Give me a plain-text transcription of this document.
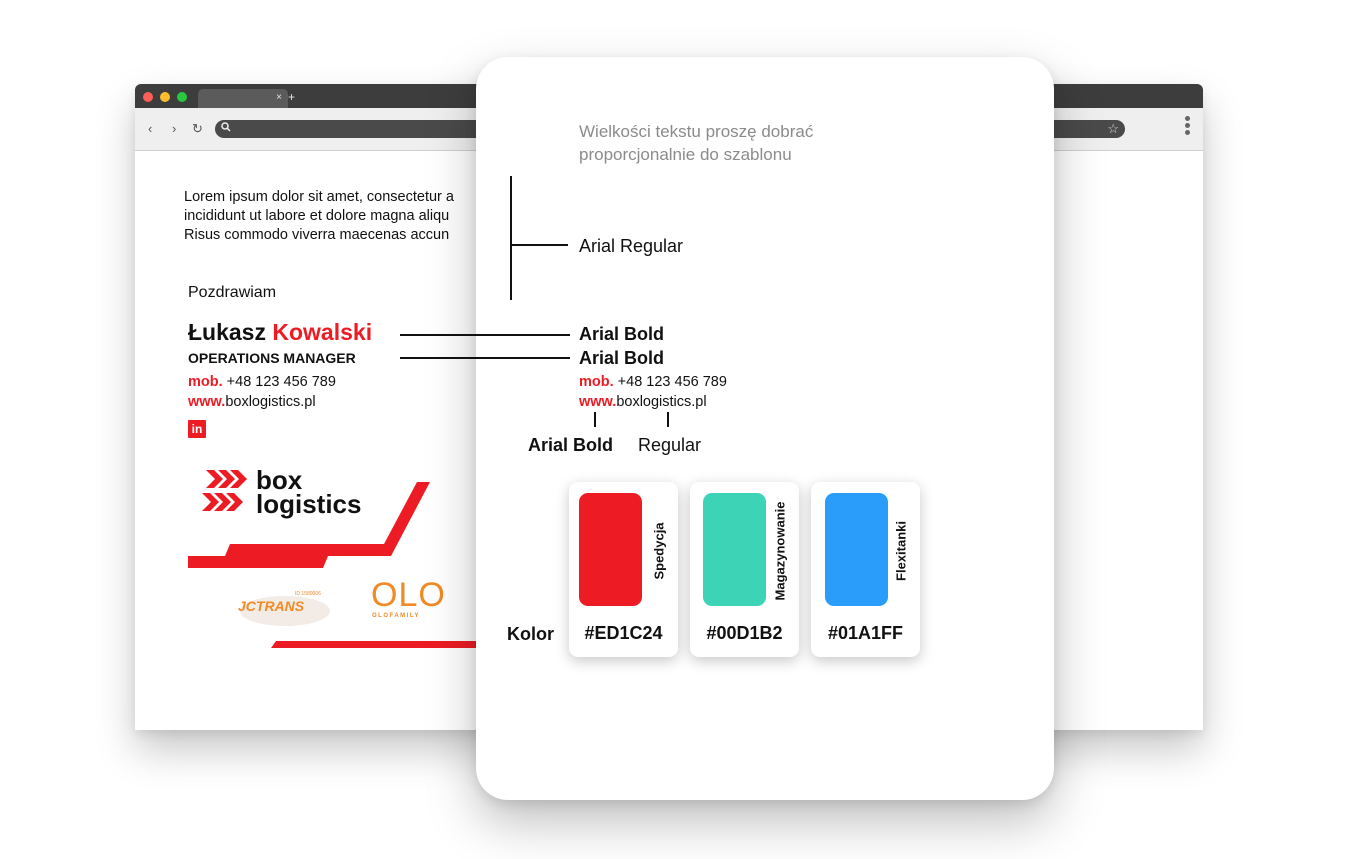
× +
‹ › ↻	☆
Lorem ipsum dolor sit amet, consectetur a
incididunt ut labore et dolore magna aliqu
Risus commodo viverra maecenas accun
Pozdrawiam
Łukasz Kowalski
OPERATIONS MANAGER
mob. +48 123 456 789
www.boxlogistics.pl
in
box
logistics
JCTRANS
ID 1580006 OLO
OLOFAMILY
Wielkości tekstu proszę dobrać
proporcjonalnie do szablonu
Arial Regular
Arial Bold
Arial Bold
mob. +48 123 456 789
www.boxlogistics.pl
Arial Bold Regular
Kolor
Spedycja
#ED1C24
Magazynowanie
#00D1B2
Flexitanki
#01A1FF
